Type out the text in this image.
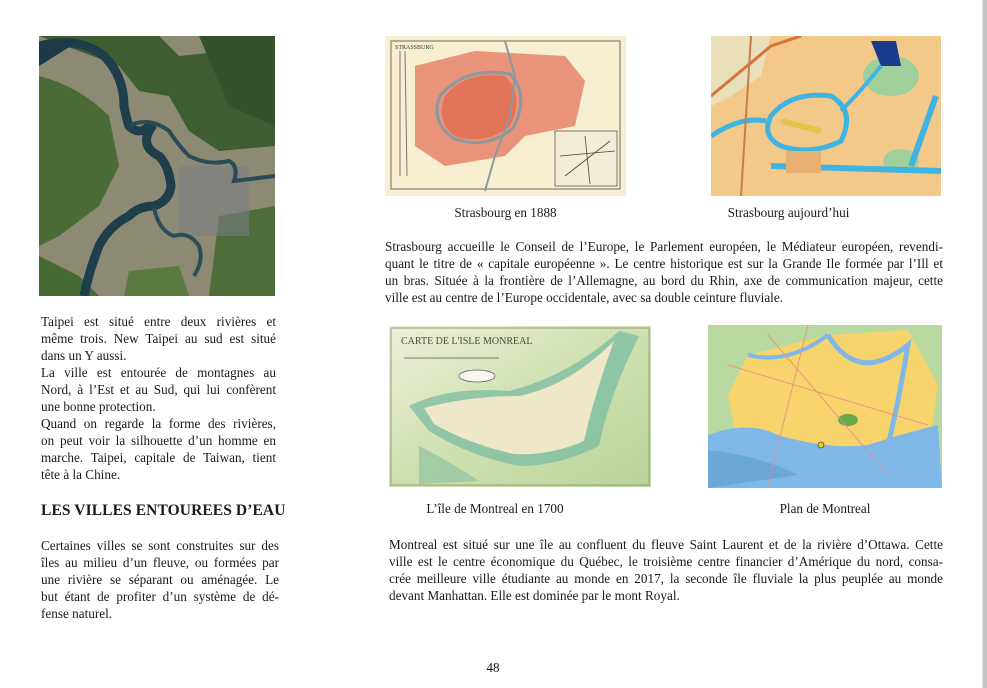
Taipei est situé entre deux rivières et
même trois. New Taipei au sud est situé
dans un Y aussi.
La ville est entourée de montagnes au
Nord, à l’Est et au Sud, qui lui confèrent
une bonne protection.
Quand on regarde la forme des rivières,
on peut voir la silhouette d’un homme en
marche. Taipei, capitale de Taiwan, tient
tête à la Chine.
LES VILLES ENTOUREES D’EAU
Certaines villes se sont construites sur des
îles au milieu d’un fleuve, ou formées par
une rivière se séparant ou aménagée. Le
but étant de profiter d’un système de dé-
fense naturel.
STRASSBURG
Strasbourg en 1888	Strasbourg aujourd’hui
Strasbourg accueille le Conseil de l’Europe, le Parlement européen, le Médiateur européen, revendi-
quant le titre de « capitale européenne ». Le centre historique est sur la Grande Ile formée par l’Ill et
un bras. Située à la frontière de l’Allemagne, au bord du Rhin, axe de communication majeur, cette
ville est au centre de l’Europe occidentale, avec sa double ceinture fluviale.
CARTE DE L'ISLE MONREAL
L’île de Montreal en 1700	Plan de Montreal
Montreal est situé sur une île au confluent du fleuve Saint Laurent et de la rivière d’Ottawa. Cette
ville est le centre économique du Québec, le troisième centre financier d’Amérique du nord, consa-
crée meilleure ville étudiante au monde en 2017, la seconde île fluviale la plus peuplée au monde
devant Manhattan. Elle est dominée par le mont Royal.
48
